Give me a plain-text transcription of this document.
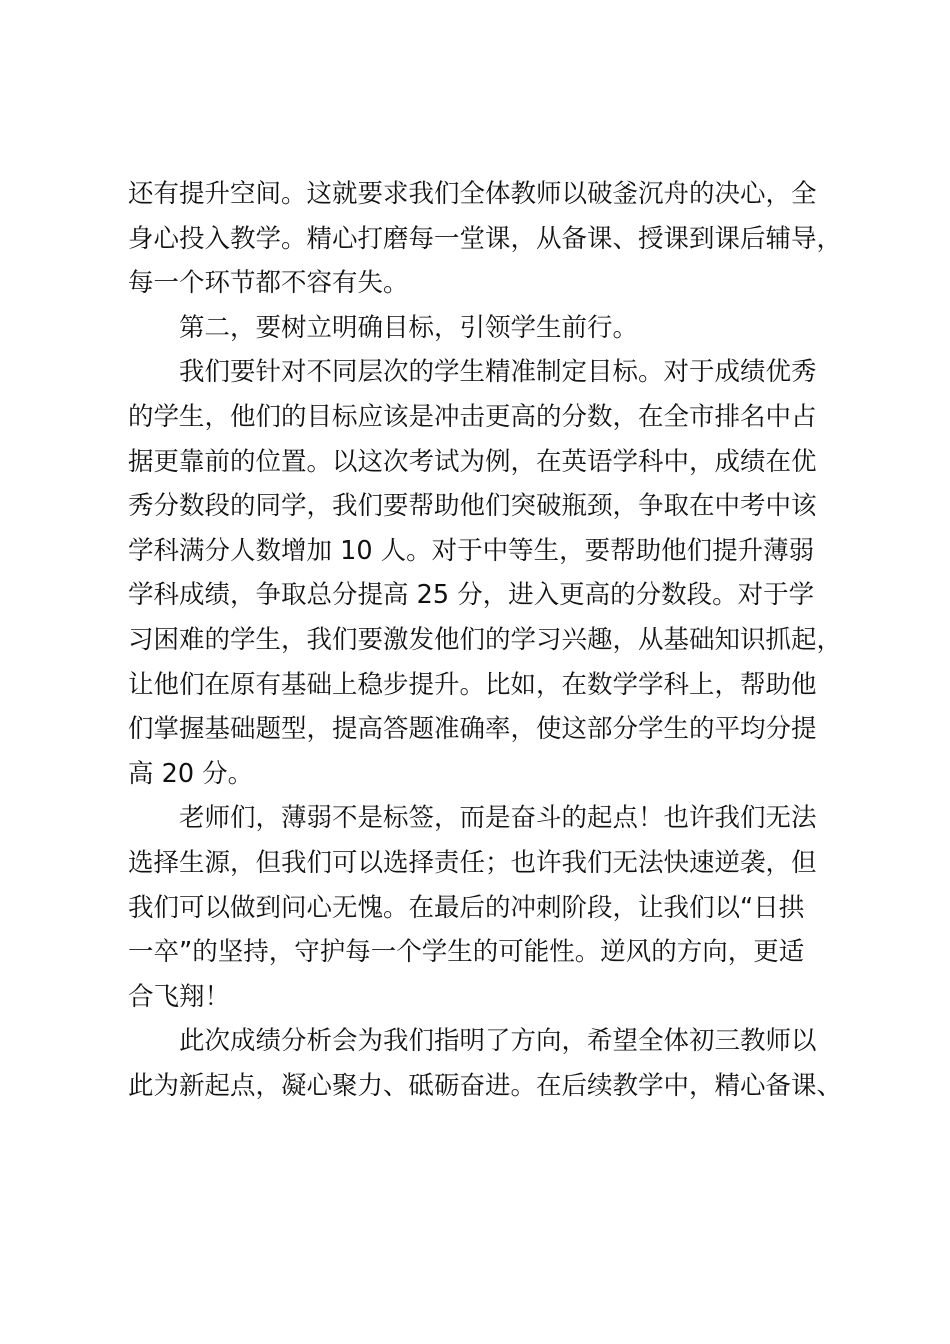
还有提升空间。这就要求我们全体教师以破釜沉舟的决心，全
身心投入教学。精心打磨每一堂课，从备课、授课到课后辅导，
每一个环节都不容有失。
第二，要树立明确目标，引领学生前行。
我们要针对不同层次的学生精准制定目标。对于成绩优秀
的学生，他们的目标应该是冲击更高的分数，在全市排名中占
据更靠前的位置。以这次考试为例，在英语学科中，成绩在优
秀分数段的同学，我们要帮助他们突破瓶颈，争取在中考中该
学科满分人数增加 10 人。对于中等生，要帮助他们提升薄弱
学科成绩，争取总分提高 25 分，进入更高的分数段。对于学
习困难的学生，我们要激发他们的学习兴趣，从基础知识抓起，
让他们在原有基础上稳步提升。比如，在数学学科上，帮助他
们掌握基础题型，提高答题准确率，使这部分学生的平均分提
高 20 分。
老师们，薄弱不是标签，而是奋斗的起点！也许我们无法
选择生源，但我们可以选择责任；也许我们无法快速逆袭，但
我们可以做到问心无愧。在最后的冲刺阶段，让我们以“日拱
一卒”的坚持，守护每一个学生的可能性。逆风的方向，更适
合飞翔！
此次成绩分析会为我们指明了方向，希望全体初三教师以
此为新起点，凝心聚力、砥砺奋进。在后续教学中，精心备课、
